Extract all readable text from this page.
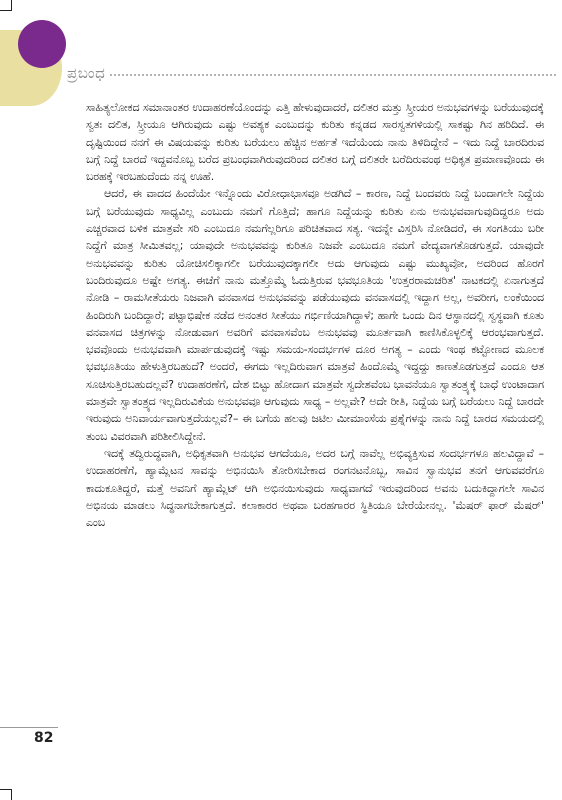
ಪ್ರಬಂಧ

ಸಾಹಿತ್ಯಲೋಕದ ಸಮಾನಾಂತರ ಉದಾಹರಣೆಯೊಂದನ್ನು ಎತ್ತಿ ಹೇಳುವುದಾದರೆ, ದಲಿತರ ಮತ್ತು ಸ್ತ್ರೀಯರ ಅನುಭವಗಳನ್ನು ಬರೆಯುವುದಕ್ಕೆ ಸ್ವತಃ ದಲಿತ, ಸ್ತ್ರೀಯೂ ಆಗಿರುವುದು ಎಷ್ಟು ಅವಶ್ಯಕ ಎಂಬುದನ್ನು ಕುರಿತು ಕನ್ನಡದ ಸಾರಸ್ವತಗಳಿಯಲ್ಲಿ ಸಾಕಷ್ಟು ಗಿನ ಹರಿದಿದೆ. ಈ ದೃಷ್ಟಿಯಿಂದ ನನಗೆ ಈ ವಿಷಯವನ್ನು ಕುರಿತು ಬರೆಯಲು ಹೆಚ್ಚಿನ ಅರ್ಹತೆ ಇದೆಯೆಂದು ನಾನು ತಿಳಿದಿದ್ದೇನೆ – ಇದು ನಿದ್ದೆ ಬಾರದಿರುವ ಬಗ್ಗೆ ನಿದ್ದೆ ಬಾರದೆ ಇದ್ದವನೊಬ್ಬ ಬರೆದ ಪ್ರಬಂಧವಾಗಿರುವುದರಿಂದ ದಲಿತರ ಬಗ್ಗೆ ದಲಿತರೇ ಬರೆದಿರುವಂಥ ಅಧಿಕೃತ ಪ್ರಮಾಣವೊಂದು ಈ ಬರಹಕ್ಕೆ ಇರಬಹುದೆಂದು ನನ್ನ ಊಹೆ.

ಆದರೆ, ಈ ವಾದದ ಹಿಂದೆಯೇ ಇನ್ನೊಂದು ವಿರೋಧಾಭಾಸವೂ ಅಡಗಿದೆ – ಕಾರಣ, ನಿದ್ದೆ ಬಂದವರು ನಿದ್ದೆ ಬಂದಾಗಲೇ ನಿದ್ದೆಯ ಬಗ್ಗೆ ಬರೆಯುವುದು ಸಾಧ್ಯವಿಲ್ಲ ಎಂಬುದು ನಮಗೆ ಗೊತ್ತಿದೆ; ಹಾಗೂ ನಿದ್ದೆಯನ್ನು ಕುರಿತು ಏನು ಅನುಭವವಾಗುವುದಿದ್ದರೂ ಅದು ಎಚ್ಚರವಾದ ಬಳಿಕ ಮಾತ್ರವೇ ಸರಿ ಎಂಬುದೂ ನಮಗೆಲ್ಲರಿಗೂ ಪರಿಚಿತವಾದ ಸತ್ಯ. ಇದನ್ನೇ ವಿಸ್ತರಿಸಿ ನೋಡಿದರೆ, ಈ ಸಂಗತಿಯು ಬರೀ ನಿದ್ದೆಗೆ ಮಾತ್ರ ಸೀಮಿತವಲ್ಲ; ಯಾವುದೇ ಅನುಭವವನ್ನು ಕುರಿತೂ ನಿಜವೇ ಎಂಬುದೂ ನಮಗೆ ವೇದ್ಯವಾಗತೊಡಗುತ್ತದೆ. ಯಾವುದೇ ಅನುಭವವನ್ನು ಕುರಿತು ಯೋಚಿಸಲಿಕ್ಕಾಗಲೀ ಬರೆಯುವುದಕ್ಕಾಗಲೀ ಅದು ಆಗುವುದು ಎಷ್ಟು ಮುಖ್ಯವೋ, ಅದರಿಂದ ಹೊರಗೆ ಬಂದಿರುವುದೂ ಅಷ್ಟೇ ಅಗತ್ಯ. ಈಚೆಗೆ ನಾನು ಮತ್ತೊಮ್ಮೆ ಓದುತ್ತಿರುವ ಭವಭೂತಿಯ 'ಉತ್ತರರಾಮಚರಿತ' ನಾಟಕದಲ್ಲಿ ಏನಾಗುತ್ತದೆ ನೋಡಿ – ರಾಮಸೀತೆಯರು ನಿಜವಾಗಿ ವನವಾಸದ ಅನುಭವವನ್ನು ಪಡೆಯುವುದು ವನವಾಸದಲ್ಲಿ ಇದ್ದಾಗ ಅಲ್ಲ, ಅವರೀಗ, ಲಂಕೆಯಿಂದ ಹಿಂದಿರುಗಿ ಬಂದಿದ್ದಾರೆ; ಪಟ್ಟಾಭಿಷೇಕ ನಡೆದ ಅನಂತರ ಸೀತೆಯು ಗರ್ಭಿಣಿಯಾಗಿದ್ದಾಳೆ; ಹಾಗೇ ಒಂದು ದಿನ ಆಸ್ಥಾನದಲ್ಲಿ ಸ್ವಸ್ಥವಾಗಿ ಕೂತು ವನವಾಸದ ಚಿತ್ರಗಳನ್ನು ನೋಡುವಾಗ ಅವರಿಗೆ ವನವಾಸವೆಂಬ ಅನುಭವವು ಮೂರ್ತವಾಗಿ ಕಾಣಿಸಿಕೊಳ್ಳಲಿಕ್ಕೆ ಆರಂಭವಾಗುತ್ತದೆ. ಭವವೊಂದು ಅನುಭವವಾಗಿ ಮಾರ್ಪಡುವುದಕ್ಕೆ ಇಷ್ಟು ಸಮಯ-ಸಂದರ್ಭಗಳ ದೂರ ಅಗತ್ಯ – ಎಂದು ಇಂಥ ಕಟ್ಟೋಣದ ಮೂಲಕ ಭವಭೂತಿಯು ಹೇಳುತ್ತಿರಬಹುದೆ? ಅಂದರೆ, ಈಗದು ಇಲ್ಲದಿರುವಾಗ ಮಾತ್ರವೆ ಹಿಂದೊಮ್ಮೆ ಇದ್ದದ್ದು ಕಾಣತೊಡಗುತ್ತದೆ ಎಂದೂ ಆತ ಸೂಚಿಸುತ್ತಿರಬಹುದಲ್ಲವೆ? ಉದಾಹರಣೆಗೆ, ದೇಶ ಬಿಟ್ಟು ಹೋದಾಗ ಮಾತ್ರವೇ ಸ್ವದೇಶವೆಂಬ ಭಾವನೆಯೂ ಸ್ವಾತಂತ್ರ್ಯಕ್ಕೆ ಬಾಧೆ ಉಂಟಾದಾಗ ಮಾತ್ರವೇ ಸ್ವಾತಂತ್ರ್ಯದ ಇಲ್ಲದಿರುವಿಕೆಯ ಅನುಭವವೂ ಆಗುವುದು ಸಾಧ್ಯ – ಅಲ್ಲವೇ? ಅದೇ ರೀತಿ, ನಿದ್ದೆಯ ಬಗ್ಗೆ ಬರೆಯಲು ನಿದ್ದೆ ಬಾರದೇ ಇರುವುದು ಅನಿವಾರ್ಯವಾಗುತ್ತದೆಯಲ್ಲವೆ?– ಈ ಬಗೆಯ ಹಲವು ಜಟಿಲ ಮೀಮಾಂಸೆಯ ಪ್ರಶ್ನೆಗಳನ್ನು ನಾನು ನಿದ್ದೆ ಬಾರದ ಸಮಯದಲ್ಲಿ ತುಂಬ ವಿವರವಾಗಿ ಪರಿಶೀಲಿಸಿದ್ದೇನೆ.

ಇದಕ್ಕೆ ತದ್ವಿರುದ್ಧವಾಗಿ, ಅಧಿಕೃತವಾಗಿ ಅನುಭವ ಆಗದೆಯೂ, ಅದರ ಬಗ್ಗೆ ನಾವೆಲ್ಲ ಅಭಿವ್ಯಕ್ತಿಸುವ ಸಂದರ್ಭಗಳೂ ಹಲವಿದ್ದಾವೆ – ಉದಾಹರಣೆಗೆ, ಹ್ಯಾಮ್ಲೆಟನ ಸಾವನ್ನು ಅಭಿನಯಿಸಿ ತೋರಿಸಬೇಕಾದ ರಂಗನಟನೊಬ್ಬ, ಸಾವಿನ ಸ್ವಾನುಭವ ತನಗೆ ಆಗುವವರೆಗೂ ಕಾದುಕೂತಿದ್ದರೆ, ಮತ್ತೆ ಅವನಿಗೆ ಹ್ಯಾಮ್ಲೆಟ್ ಆಗಿ ಅಭಿನಯಿಸುವುದು ಸಾಧ್ಯವಾಗದೆ ಇರುವುದರಿಂದ ಅವನು ಬದುಕಿದ್ದಾಗಲೇ ಸಾವಿನ ಅಭಿನಯ ಮಾಡಲು ಸಿದ್ಧನಾಗಬೇಕಾಗುತ್ತದೆ. ಕಲಾಕಾರರ ಅಥವಾ ಬರಹಗಾರರ ಸ್ಥಿತಿಯೂ ಬೇರೆಯೇನಲ್ಲ. 'ಮೆಷರ್ ಫಾರ್ ಮೆಷರ್' ಎಂಬ

82
